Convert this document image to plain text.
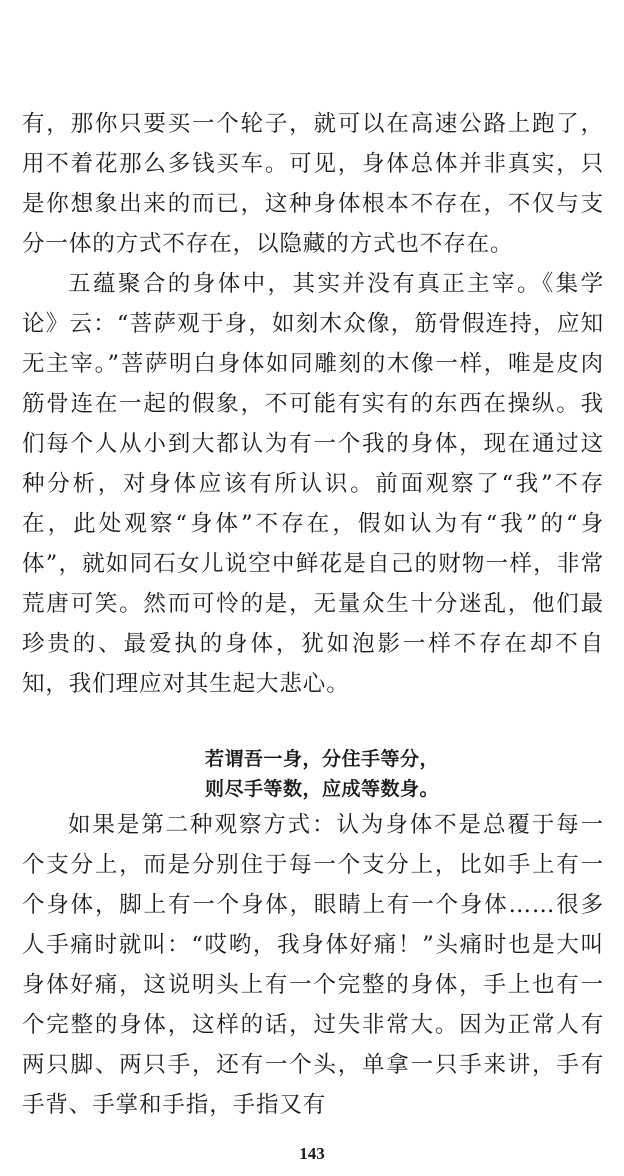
有，那你只要买一个轮子，就可以在高速公路上跑了，用不着花那么多钱买车。可见，身体总体并非真实，只是你想象出来的而已，这种身体根本不存在，不仅与支分一体的方式不存在，以隐藏的方式也不存在。

五蕴聚合的身体中，其实并没有真正主宰。《集学论》云：“菩萨观于身，如刻木众像，筋骨假连持，应知无主宰。”菩萨明白身体如同雕刻的木像一样，唯是皮肉筋骨连在一起的假象，不可能有实有的东西在操纵。我们每个人从小到大都认为有一个我的身体，现在通过这种分析，对身体应该有所认识。前面观察了“我”不存在，此处观察“身体”不存在，假如认为有“我”的“身体”，就如同石女儿说空中鲜花是自己的财物一样，非常荒唐可笑。然而可怜的是，无量众生十分迷乱，他们最珍贵的、最爱执的身体，犹如泡影一样不存在却不自知，我们理应对其生起大悲心。

若谓吾一身，分住手等分，
则尽手等数，应成等数身。

如果是第二种观察方式：认为身体不是总覆于每一个支分上，而是分别住于每一个支分上，比如手上有一个身体，脚上有一个身体，眼睛上有一个身体……很多人手痛时就叫：“哎哟，我身体好痛！”头痛时也是大叫身体好痛，这说明头上有一个完整的身体，手上也有一个完整的身体，这样的话，过失非常大。因为正常人有两只脚、两只手，还有一个头，单拿一只手来讲，手有手背、手掌和手指，手指又有

143
